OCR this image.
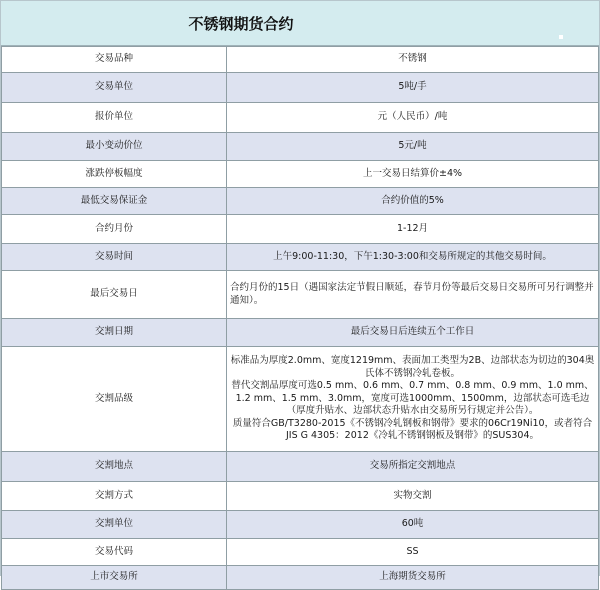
不锈钢期货合约
交易品种	不锈钢
交易单位	5吨/手
报价单位	元（人民币）/吨
最小变动价位	5元/吨
涨跌停板幅度	上一交易日结算价±4%
最低交易保证金	合约价值的5%
合约月份	1-12月
交易时间	上午9:00-11:30，下午1:30-3:00和交易所规定的其他交易时间。
最后交易日	合约月份的15日（遇国家法定节假日顺延，春节月份等最后交易日交易所可另行调整并通知）。
交割日期	最后交易日后连续五个工作日
交割品级	标准品为厚度2.0mm、宽度1219mm、表面加工类型为2B、边部状态为切边的304奥氏体不锈钢冷轧卷板。
替代交割品厚度可选0.5 mm、0.6 mm、0.7 mm、0.8 mm、0.9 mm、1.0 mm、1.2 mm、1.5 mm、3.0mm，宽度可选1000mm、1500mm，边部状态可选毛边（厚度升贴水、边部状态升贴水由交易所另行规定并公告）。
质量符合GB/T3280-2015《不锈钢冷轧钢板和钢带》要求的06Cr19Ni10，或者符合JIS G 4305：2012《冷轧不锈钢钢板及钢带》的SUS304。

交割地点	交易所指定交割地点
交割方式	实物交割
交割单位	60吨
交易代码	SS
上市交易所	上海期货交易所
